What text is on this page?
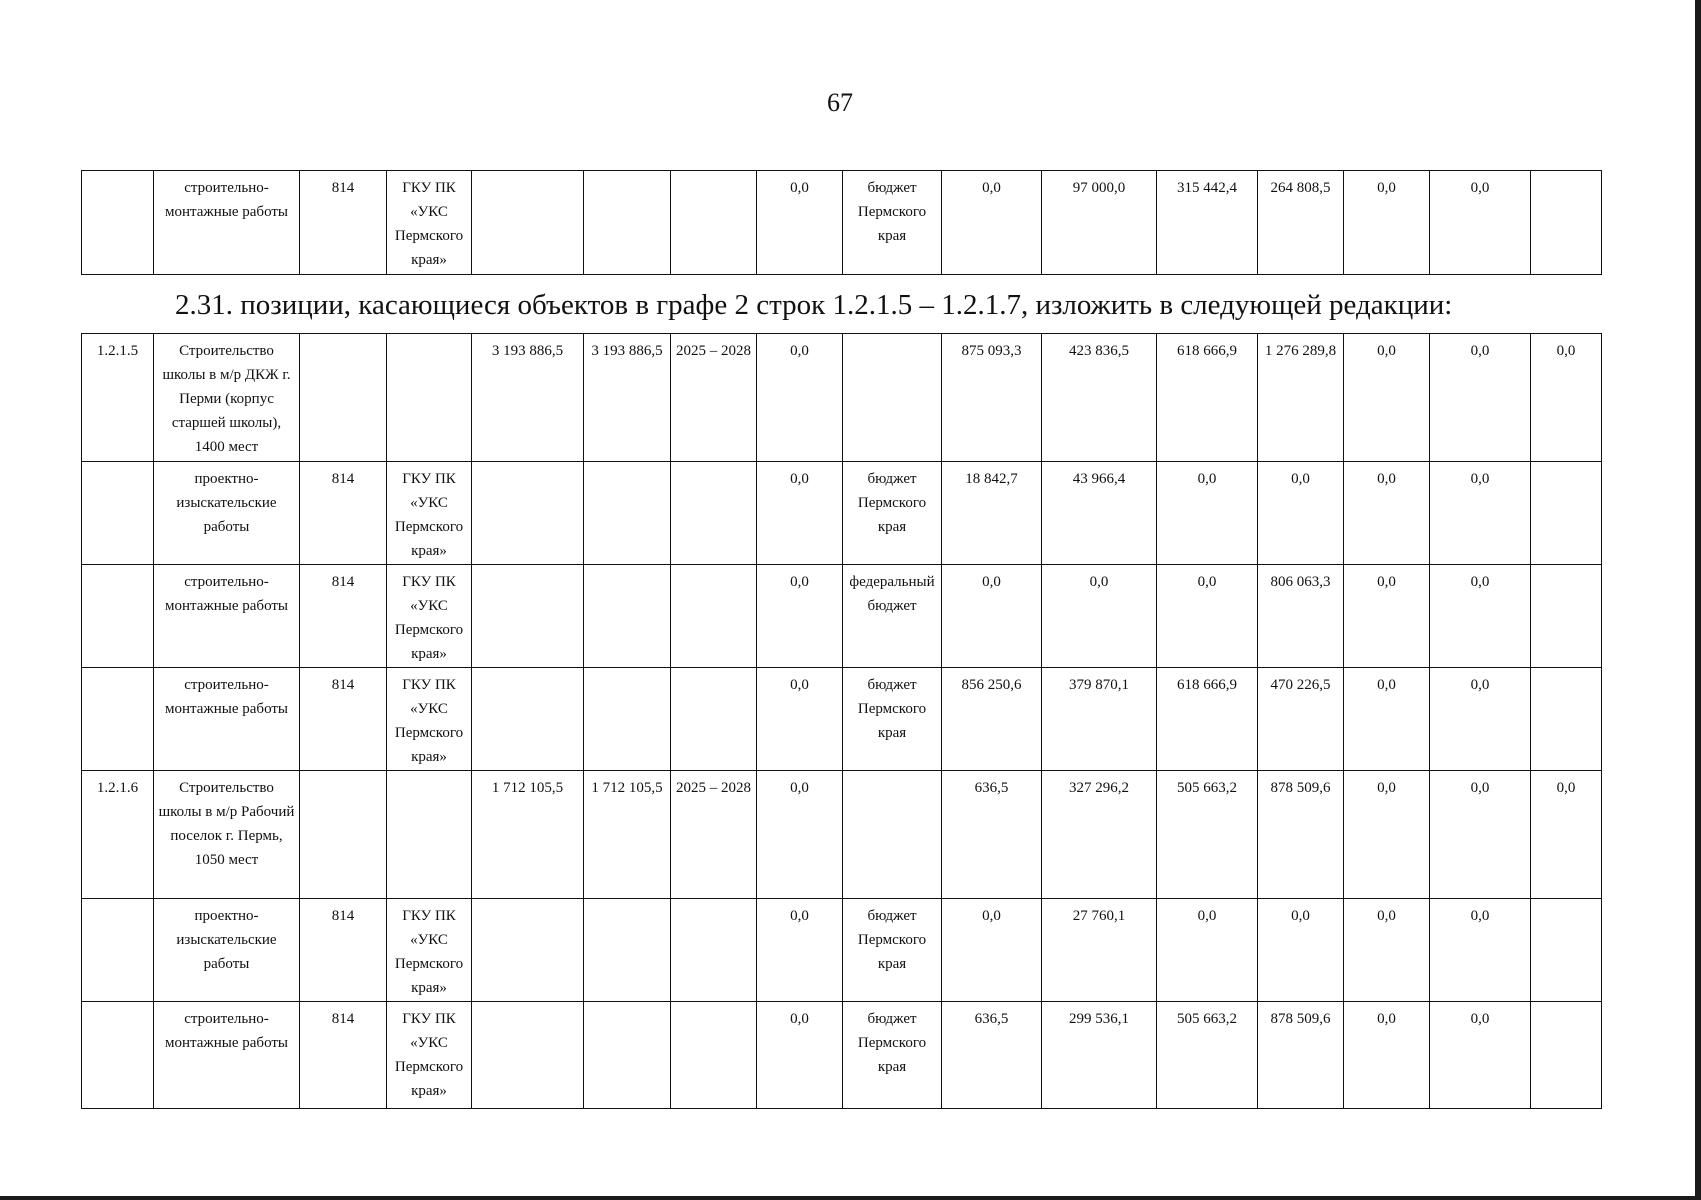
67
	строительно-монтажные работы	814	ГКУ ПК «УКС Пермского края»				0,0	бюджет Пермского края	0,0	97 000,0	315 442,4	264 808,5	0,0	0,0	
2.31. позиции, касающиеся объектов в графе 2 строк 1.2.1.5 – 1.2.1.7, изложить в следующей редакции:
1.2.1.5	Строительство школы в м/р ДКЖ г. Перми (корпус старшей школы), 1400 мест			3 193 886,5	3 193 886,5	2025 – 2028	0,0		875 093,3	423 836,5	618 666,9	1 276 289,8	0,0	0,0	0,0
	проектно-изыскательские работы	814	ГКУ ПК «УКС Пермского края»				0,0	бюджет Пермского края	18 842,7	43 966,4	0,0	0,0	0,0	0,0	
	строительно-монтажные работы	814	ГКУ ПК «УКС Пермского края»				0,0	федеральный бюджет	0,0	0,0	0,0	806 063,3	0,0	0,0	
	строительно-монтажные работы	814	ГКУ ПК «УКС Пермского края»				0,0	бюджет Пермского края	856 250,6	379 870,1	618 666,9	470 226,5	0,0	0,0	
1.2.1.6	Строительство школы в м/р Рабочий поселок г. Пермь, 1050 мест			1 712 105,5	1 712 105,5	2025 – 2028	0,0		636,5	327 296,2	505 663,2	878 509,6	0,0	0,0	0,0
	проектно-изыскательские работы	814	ГКУ ПК «УКС Пермского края»				0,0	бюджет Пермского края	0,0	27 760,1	0,0	0,0	0,0	0,0	
	строительно-монтажные работы	814	ГКУ ПК «УКС Пермского края»				0,0	бюджет Пермского края	636,5	299 536,1	505 663,2	878 509,6	0,0	0,0	
